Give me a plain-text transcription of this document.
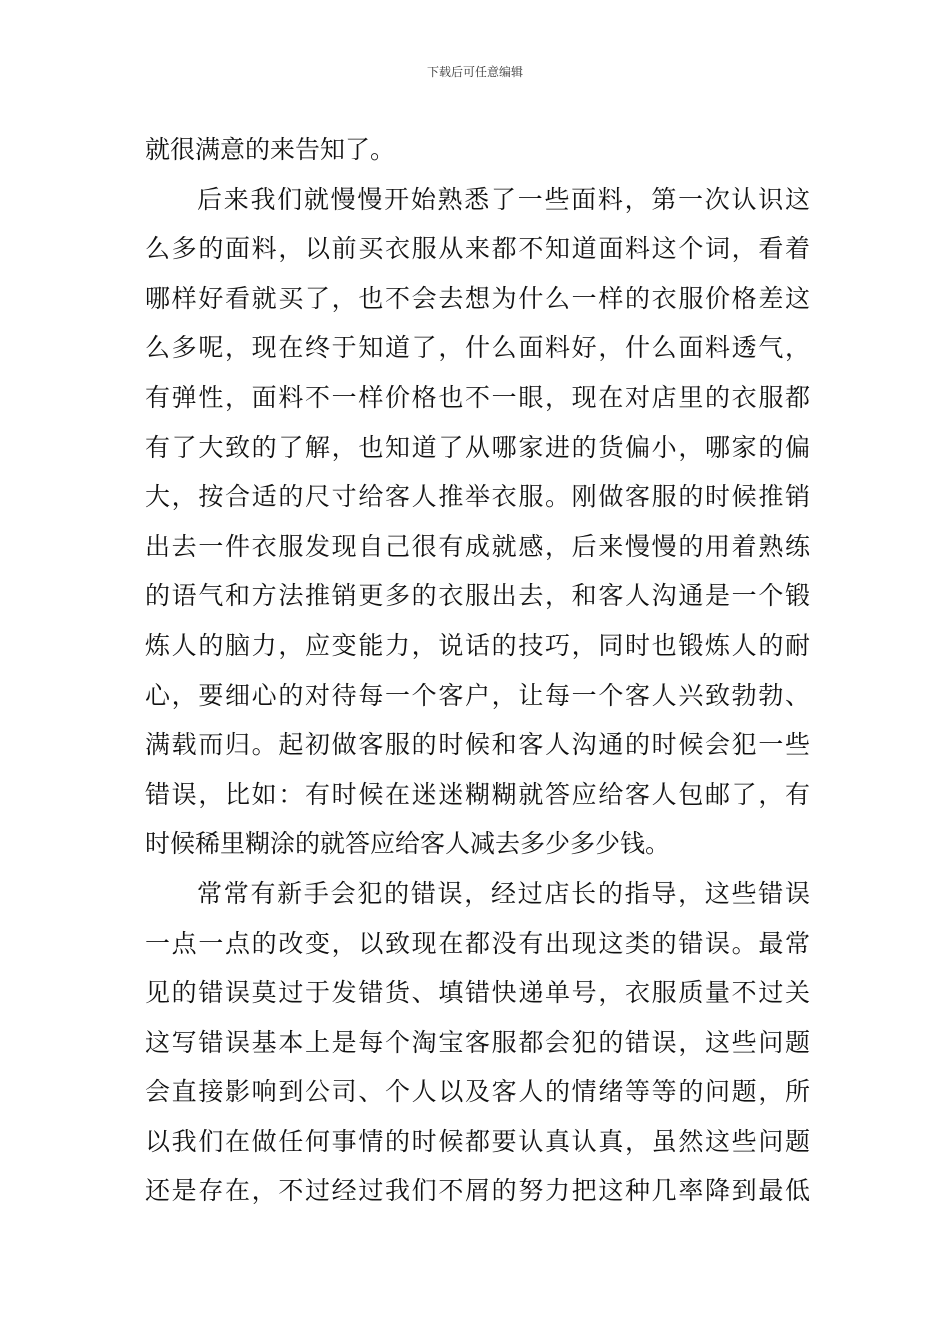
下载后可任意编辑
就很满意的来告知了。
后来我们就慢慢开始熟悉了一些面料，第一次认识这
么多的面料，以前买衣服从来都不知道面料这个词，看着
哪样好看就买了，也不会去想为什么一样的衣服价格差这
么多呢，现在终于知道了，什么面料好，什么面料透气，
有弹性，面料不一样价格也不一眼，现在对店里的衣服都
有了大致的了解，也知道了从哪家进的货偏小，哪家的偏
大，按合适的尺寸给客人推举衣服。刚做客服的时候推销
出去一件衣服发现自己很有成就感，后来慢慢的用着熟练
的语气和方法推销更多的衣服出去，和客人沟通是一个锻
炼人的脑力，应变能力，说话的技巧，同时也锻炼人的耐
心，要细心的对待每一个客户，让每一个客人兴致勃勃、
满载而归。起初做客服的时候和客人沟通的时候会犯一些
错误，比如：有时候在迷迷糊糊就答应给客人包邮了，有
时候稀里糊涂的就答应给客人减去多少多少钱。
常常有新手会犯的错误，经过店长的指导，这些错误
一点一点的改变，以致现在都没有出现这类的错误。最常
见的错误莫过于发错货、填错快递单号，衣服质量不过关
这写错误基本上是每个淘宝客服都会犯的错误，这些问题
会直接影响到公司、个人以及客人的情绪等等的问题，所
以我们在做任何事情的时候都要认真认真，虽然这些问题
还是存在，不过经过我们不屑的努力把这种几率降到最低
